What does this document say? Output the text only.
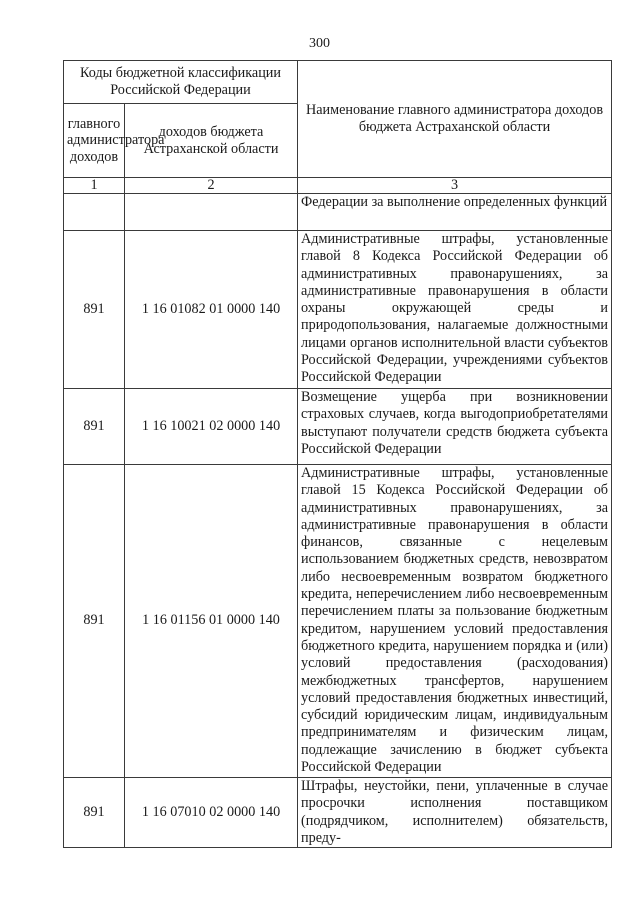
300
Коды бюджетной классификации Российской Федерации		Наименование главного администратора доходов бюджета Астраханской области
главного администратора доходов	доходов бюджета Астраханской области	
1	2	3
		Федерации за выполнение определенных функций
891	1 16 01082 01 0000 140	Административные штрафы, установленные главой 8 Кодекса Российской Федерации об административных правонарушениях, за административные правонарушения в области охраны окружающей среды и природопользования, налагаемые должностными лицами органов исполнительной власти субъектов Российской Федерации, учреждениями субъектов Российской Федерации
891	1 16 10021 02 0000 140	Возмещение ущерба при возникновении страховых случаев, когда выгодоприобретателями выступают получатели средств бюджета субъекта Российской Федерации
891	1 16 01156 01 0000 140	Административные штрафы, установленные главой 15 Кодекса Российской Федерации об административных правонарушениях, за административные правонарушения в области финансов, связанные с нецелевым использованием бюджетных средств, невозвратом либо несвоевременным возвратом бюджетного кредита, неперечислением либо несвоевременным перечислением платы за пользование бюджетным кредитом, нарушением условий предоставления бюджетного кредита, нарушением порядка и (или) условий предоставления (расходования) межбюджетных трансфертов, нарушением условий предоставления бюджетных инвестиций, субсидий юридическим лицам, индивидуальным предпринимателям и физическим лицам, подлежащие зачислению в бюджет субъекта Российской Федерации
891	1 16 07010 02 0000 140	Штрафы, неустойки, пени, уплаченные в случае просрочки исполнения поставщиком (подрядчиком, исполнителем) обязательств, преду-
